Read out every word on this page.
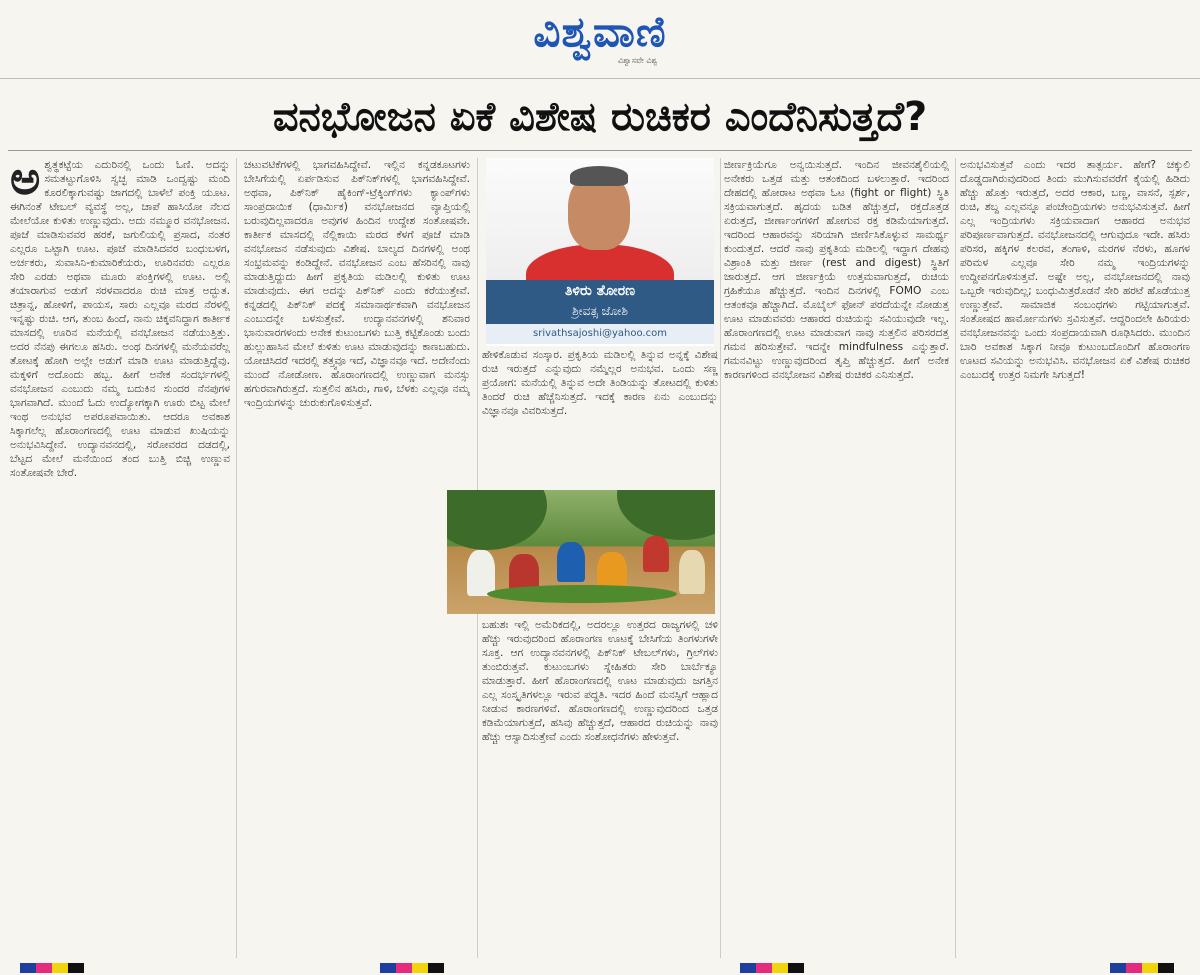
ವಿಶ್ವವಾಣಿ
ವಿಶ್ವಾಸವೇ ವಿಶ್ವ
ವನಭೋಜನ ಏಕೆ ವಿಶೇಷ ರುಚಿಕರ ಎಂದೆನಿಸುತ್ತದೆ?
ಅ ಶ್ವತ್ಥಕಟ್ಟೆಯ ಎದುರಿನಲ್ಲಿ ಒಂದು ಓಣಿ. ಅದನ್ನು ಸಮತಟ್ಟುಗೊಳಿಸಿ ಸ್ವಚ್ಛ ಮಾಡಿ ಒಂದ್ವಷ್ಟು ಮಂದಿ ಕೂರಲಿಕ್ಕಾಗುವಷ್ಟು ಜಾಗದಲ್ಲಿ ಬಾಳೆಲೆ ಪಂಕ್ತಿ ಯೂಟ. ಈಗಿನಂತೆ ಟೇಬಲ್ ವ್ಯವಸ್ಥೆ ಅಲ್ಲ, ಚಾಪೆ ಹಾಸಿಯೋ ನೆಲದ ಮೇಲೆಯೋ ಕುಳಿತು ಉಣ್ಣುವುದು. ಅದು ನಮ್ಮೂರ ವನಭೋಜನ. ಪೂಜೆ ಮಾಡಿಸುವವರ ಹರಕೆ, ಜಗುಲಿಯಲ್ಲಿ ಪ್ರಸಾದ, ನಂತರ ಎಲ್ಲರೂ ಒಟ್ಟಾಗಿ ಊಟ. ಪೂಜೆ ಮಾಡಿಸಿದವರ ಬಂಧುಬಳಗ, ಅರ್ಚಕರು, ಸುವಾಸಿನಿ-ಕುಮಾರಿಕೆಯರು, ಊರಿನವರು ಎಲ್ಲರೂ ಸೇರಿ ಎರಡು ಅಥವಾ ಮೂರು ಪಂಕ್ತಿಗಳಲ್ಲಿ ಊಟ. ಅಲ್ಲಿ ತಯಾರಾಗುವ ಅಡುಗೆ ಸರಳವಾದರೂ ರುಚಿ ಮಾತ್ರ ಅದ್ಭುತ. ಚಿತ್ರಾನ್ನ, ಹೋಳಿಗೆ, ಪಾಯಸ, ಸಾರು ಎಲ್ಲವೂ ಮರದ ನೆರಳಲ್ಲಿ ಇನ್ನಷ್ಟು ರುಚಿ. ಆಗ, ತುಂಬ ಹಿಂದೆ, ನಾನು ಚಿಕ್ಕವನಿದ್ದಾಗ ಕಾರ್ತೀಕ ಮಾಸದಲ್ಲಿ ಊರಿನ ಮನೆಯಲ್ಲಿ ವನಭೋಜನ ನಡೆಯುತ್ತಿತ್ತು. ಅದರ ನೆನಪು ಈಗಲೂ ಹಸಿರು. ಅಂಥ ದಿನಗಳಲ್ಲಿ ಮನೆಯವರೆಲ್ಲ ತೋಟಕ್ಕೆ ಹೋಗಿ ಅಲ್ಲೇ ಅಡುಗೆ ಮಾಡಿ ಊಟ ಮಾಡುತ್ತಿದ್ದೆವು. ಮಕ್ಕಳಿಗೆ ಅದೊಂದು ಹಬ್ಬ. ಹೀಗೆ ಅನೇಕ ಸಂದರ್ಭಗಳಲ್ಲಿ ವನಭೋಜನ ಎಂಬುದು ನಮ್ಮ ಬದುಕಿನ ಸುಂದರ ನೆನಪುಗಳ ಭಾಗವಾಗಿದೆ. ಮುಂದೆ ಓದು ಉದ್ಯೋಗಕ್ಕಾಗಿ ಊರು ಬಿಟ್ಟ ಮೇಲೆ ಇಂಥ ಅನುಭವ ಅಪರೂಪವಾಯಿತು. ಆದರೂ ಅವಕಾಶ ಸಿಕ್ಕಾಗಲೆಲ್ಲ ಹೊರಾಂಗಣದಲ್ಲಿ ಊಟ ಮಾಡುವ ಖುಷಿಯನ್ನು ಅನುಭವಿಸಿದ್ದೇನೆ. ಉದ್ಯಾನವನದಲ್ಲಿ, ಸರೋವರದ ದಡದಲ್ಲಿ, ಬೆಟ್ಟದ ಮೇಲೆ ಮನೆಯಿಂದ ತಂದ ಬುತ್ತಿ ಬಿಚ್ಚಿ ಉಣ್ಣುವ ಸಂತೋಷವೇ ಬೇರೆ.

ಚಟುವಟಿಕೆಗಳಲ್ಲಿ ಭಾಗವಹಿಸಿದ್ದೇವೆ. ಇಲ್ಲಿನ ಕನ್ನಡಕೂಟಗಳು ಬೇಸಿಗೆಯಲ್ಲಿ ಏರ್ಪಡಿಸುವ ಪಿಕ್‌ನಿಕ್‌ಗಳಲ್ಲಿ ಭಾಗವಹಿಸಿದ್ದೇವೆ. ಅಥವಾ, ಪಿಕ್‌ನಿಕ್ ಹೈಕಿಂಗ್-ಟ್ರೆಕ್ಕಿಂಗ್‌ಗಳು ಕ್ಯಾಂಪ್‌ಗಳು ಸಾಂಪ್ರದಾಯಿಕ (ಧಾರ್ಮಿಕ) ವನಭೋಜನದ ವ್ಯಾಪ್ತಿಯಲ್ಲಿ ಬರುವುದಿಲ್ಲವಾದರೂ ಅವುಗಳ ಹಿಂದಿನ ಉದ್ದೇಶ ಸಂತೋಷವೇ. ಕಾರ್ತೀಕ ಮಾಸದಲ್ಲಿ ನೆಲ್ಲಿಕಾಯಿ ಮರದ ಕೆಳಗೆ ಪೂಜೆ ಮಾಡಿ ವನಭೋಜನ ನಡೆಸುವುದು ವಿಶೇಷ. ಬಾಲ್ಯದ ದಿನಗಳಲ್ಲಿ ಅಂಥ ಸಂಭ್ರಮವನ್ನು ಕಂಡಿದ್ದೇನೆ. ವನಭೋಜನ ಎಂಬ ಹೆಸರಿನಲ್ಲಿ ನಾವು ಮಾಡುತ್ತಿದ್ದುದು ಹೀಗೆ ಪ್ರಕೃತಿಯ ಮಡಿಲಲ್ಲಿ ಕುಳಿತು ಊಟ ಮಾಡುವುದು. ಈಗ ಅದನ್ನು ಪಿಕ್‌ನಿಕ್ ಎಂದು ಕರೆಯುತ್ತೇವೆ. ಕನ್ನಡದಲ್ಲಿ ಪಿಕ್‌ನಿಕ್ ಪದಕ್ಕೆ ಸಮಾನಾರ್ಥಕವಾಗಿ ವನಭೋಜನ ಎಂಬುದನ್ನೇ ಬಳಸುತ್ತೇವೆ. ಉದ್ಯಾನವನಗಳಲ್ಲಿ ಶನಿವಾರ ಭಾನುವಾರಗಳಂದು ಅನೇಕ ಕುಟುಂಬಗಳು ಬುತ್ತಿ ಕಟ್ಟಿಕೊಂಡು ಬಂದು ಹುಲ್ಲುಹಾಸಿನ ಮೇಲೆ ಕುಳಿತು ಊಟ ಮಾಡುವುದನ್ನು ಕಾಣಬಹುದು. ಯೋಚಿಸಿದರೆ ಇದರಲ್ಲಿ ತತ್ತ್ವವೂ ಇದೆ, ವಿಜ್ಞಾನವೂ ಇದೆ. ಅದೇನೆಂದು ಮುಂದೆ ನೋಡೋಣ. ಹೊರಾಂಗಣದಲ್ಲಿ ಉಣ್ಣುವಾಗ ಮನಸ್ಸು ಹಗುರವಾಗಿರುತ್ತದೆ. ಸುತ್ತಲಿನ ಹಸಿರು, ಗಾಳಿ, ಬೆಳಕು ಎಲ್ಲವೂ ನಮ್ಮ ಇಂದ್ರಿಯಗಳನ್ನು ಚುರುಕುಗೊಳಿಸುತ್ತವೆ.

ತಿಳಿರು ತೋರಣ
ಶ್ರೀವತ್ಸ ಜೋಶಿ
srivathsajoshi@yahoo.com

ಹೇಳಿಕೊಡುವ ಸಂಸ್ಕಾರ. ಪ್ರಕೃತಿಯ ಮಡಿಲಲ್ಲಿ ತಿನ್ನುವ ಅನ್ನಕ್ಕೆ ವಿಶೇಷ ರುಚಿ ಇರುತ್ತದೆ ಎನ್ನುವುದು ನಮ್ಮೆಲ್ಲರ ಅನುಭವ. ಒಂದು ಸಣ್ಣ ಪ್ರಯೋಗ: ಮನೆಯಲ್ಲಿ ತಿನ್ನುವ ಅದೇ ತಿಂಡಿಯನ್ನು ತೋಟದಲ್ಲಿ ಕುಳಿತು ತಿಂದರೆ ರುಚಿ ಹೆಚ್ಚೆನಿಸುತ್ತದೆ. ಇದಕ್ಕೆ ಕಾರಣ ಏನು ಎಂಬುದನ್ನು ವಿಜ್ಞಾನವೂ ವಿವರಿಸುತ್ತದೆ.

ಬಹುಶಃ ಇಲ್ಲಿ ಅಮೆರಿಕದಲ್ಲಿ, ಅದರಲ್ಲೂ ಉತ್ತರದ ರಾಜ್ಯಗಳಲ್ಲಿ ಚಳಿ ಹೆಚ್ಚು ಇರುವುದರಿಂದ ಹೊರಾಂಗಣ ಊಟಕ್ಕೆ ಬೇಸಿಗೆಯ ತಿಂಗಳುಗಳೇ ಸೂಕ್ತ. ಆಗ ಉದ್ಯಾನವನಗಳಲ್ಲಿ ಪಿಕ್‌ನಿಕ್ ಟೇಬಲ್‌ಗಳು, ಗ್ರಿಲ್‌ಗಳು ತುಂಬಿರುತ್ತವೆ. ಕುಟುಂಬಗಳು ಸ್ನೇಹಿತರು ಸೇರಿ ಬಾರ್ಬೆಕ್ಯೂ ಮಾಡುತ್ತಾರೆ. ಹೀಗೆ ಹೊರಾಂಗಣದಲ್ಲಿ ಊಟ ಮಾಡುವುದು ಜಗತ್ತಿನ ಎಲ್ಲ ಸಂಸ್ಕೃತಿಗಳಲ್ಲೂ ಇರುವ ಪದ್ಧತಿ. ಇದರ ಹಿಂದೆ ಮನಸ್ಸಿಗೆ ಆಹ್ಲಾದ ನೀಡುವ ಕಾರಣಗಳಿವೆ. ಹೊರಾಂಗಣದಲ್ಲಿ ಉಣ್ಣುವುದರಿಂದ ಒತ್ತಡ ಕಡಿಮೆಯಾಗುತ್ತದೆ, ಹಸಿವು ಹೆಚ್ಚುತ್ತದೆ, ಆಹಾರದ ರುಚಿಯನ್ನು ನಾವು ಹೆಚ್ಚು ಆಸ್ವಾದಿಸುತ್ತೇವೆ ಎಂದು ಸಂಶೋಧನೆಗಳು ಹೇಳುತ್ತವೆ.

ಜೀರ್ಣಕ್ರಿಯೆಗೂ ಅನ್ವಯಿಸುತ್ತದೆ. ಇಂದಿನ ಜೀವನಶೈಲಿಯಲ್ಲಿ ಅನೇಕರು ಒತ್ತಡ ಮತ್ತು ಆತಂಕದಿಂದ ಬಳಲುತ್ತಾರೆ. ಇದರಿಂದ ದೇಹದಲ್ಲಿ ಹೋರಾಟ ಅಥವಾ ಓಟ (fight or flight) ಸ್ಥಿತಿ ಸಕ್ರಿಯವಾಗುತ್ತದೆ. ಹೃದಯ ಬಡಿತ ಹೆಚ್ಚುತ್ತದೆ, ರಕ್ತದೊತ್ತಡ ಏರುತ್ತದೆ, ಜೀರ್ಣಾಂಗಗಳಿಗೆ ಹೋಗುವ ರಕ್ತ ಕಡಿಮೆಯಾಗುತ್ತದೆ. ಇದರಿಂದ ಆಹಾರವನ್ನು ಸರಿಯಾಗಿ ಜೀರ್ಣಿಸಿಕೊಳ್ಳುವ ಸಾಮರ್ಥ್ಯ ಕುಂದುತ್ತದೆ. ಆದರೆ ನಾವು ಪ್ರಕೃತಿಯ ಮಡಿಲಲ್ಲಿ ಇದ್ದಾಗ ದೇಹವು ವಿಶ್ರಾಂತಿ ಮತ್ತು ಜೀರ್ಣ (rest and digest) ಸ್ಥಿತಿಗೆ ಜಾರುತ್ತದೆ. ಆಗ ಜೀರ್ಣಕ್ರಿಯೆ ಉತ್ತಮವಾಗುತ್ತದೆ, ರುಚಿಯ ಗ್ರಹಿಕೆಯೂ ಹೆಚ್ಚುತ್ತದೆ. ಇಂದಿನ ದಿನಗಳಲ್ಲಿ FOMO ಎಂಬ ಆತಂಕವೂ ಹೆಚ್ಚಾಗಿದೆ. ಮೊಬೈಲ್ ಫೋನ್ ಪರದೆಯನ್ನೇ ನೋಡುತ್ತ ಊಟ ಮಾಡುವವರು ಆಹಾರದ ರುಚಿಯನ್ನು ಸವಿಯುವುದೇ ಇಲ್ಲ. ಹೊರಾಂಗಣದಲ್ಲಿ ಊಟ ಮಾಡುವಾಗ ನಾವು ಸುತ್ತಲಿನ ಪರಿಸರದತ್ತ ಗಮನ ಹರಿಸುತ್ತೇವೆ. ಇದನ್ನೇ mindfulness ಎನ್ನುತ್ತಾರೆ. ಗಮನವಿಟ್ಟು ಉಣ್ಣುವುದರಿಂದ ತೃಪ್ತಿ ಹೆಚ್ಚುತ್ತದೆ. ಹೀಗೆ ಅನೇಕ ಕಾರಣಗಳಿಂದ ವನಭೋಜನ ವಿಶೇಷ ರುಚಿಕರ ಎನಿಸುತ್ತದೆ.

ಅನುಭವಿಸುತ್ತವೆ ಎಂದು ಇದರ ತಾತ್ಪರ್ಯ. ಹೇಗೆ? ಚಕ್ಕುಲಿ ದೊಡ್ಡದಾಗಿರುವುದರಿಂದ ತಿಂದು ಮುಗಿಸುವವರೆಗೆ ಕೈಯಲ್ಲಿ ಹಿಡಿದು ಹೆಚ್ಚು ಹೊತ್ತು ಇರುತ್ತದೆ, ಅದರ ಆಕಾರ, ಬಣ್ಣ, ವಾಸನೆ, ಸ್ಪರ್ಶ, ರುಚಿ, ಶಬ್ದ ಎಲ್ಲವನ್ನೂ ಪಂಚೇಂದ್ರಿಯಗಳು ಅನುಭವಿಸುತ್ತವೆ. ಹೀಗೆ ಎಲ್ಲ ಇಂದ್ರಿಯಗಳು ಸಕ್ರಿಯವಾದಾಗ ಆಹಾರದ ಅನುಭವ ಪರಿಪೂರ್ಣವಾಗುತ್ತದೆ. ವನಭೋಜನದಲ್ಲಿ ಆಗುವುದೂ ಇದೇ. ಹಸಿರು ಪರಿಸರ, ಹಕ್ಕಿಗಳ ಕಲರವ, ತಂಗಾಳಿ, ಮರಗಳ ನೆರಳು, ಹೂಗಳ ಪರಿಮಳ ಎಲ್ಲವೂ ಸೇರಿ ನಮ್ಮ ಇಂದ್ರಿಯಗಳನ್ನು ಉದ್ದೀಪನಗೊಳಿಸುತ್ತವೆ. ಅಷ್ಟೇ ಅಲ್ಲ, ವನಭೋಜನದಲ್ಲಿ ನಾವು ಒಬ್ಬರೇ ಇರುವುದಿಲ್ಲ; ಬಂಧುಮಿತ್ರರೊಡನೆ ಸೇರಿ ಹರಟೆ ಹೊಡೆಯುತ್ತ ಉಣ್ಣುತ್ತೇವೆ. ಸಾಮಾಜಿಕ ಸಂಬಂಧಗಳು ಗಟ್ಟಿಯಾಗುತ್ತವೆ. ಸಂತೋಷದ ಹಾರ್ಮೋನುಗಳು ಸ್ರವಿಸುತ್ತವೆ. ಆದ್ದರಿಂದಲೇ ಹಿರಿಯರು ವನಭೋಜನವನ್ನು ಒಂದು ಸಂಪ್ರದಾಯವಾಗಿ ರೂಢಿಸಿದರು. ಮುಂದಿನ ಬಾರಿ ಅವಕಾಶ ಸಿಕ್ಕಾಗ ನೀವೂ ಕುಟುಂಬದೊಂದಿಗೆ ಹೊರಾಂಗಣ ಊಟದ ಸವಿಯನ್ನು ಅನುಭವಿಸಿ. ವನಭೋಜನ ಏಕೆ ವಿಶೇಷ ರುಚಿಕರ ಎಂಬುದಕ್ಕೆ ಉತ್ತರ ನಿಮಗೇ ಸಿಗುತ್ತದೆ!
